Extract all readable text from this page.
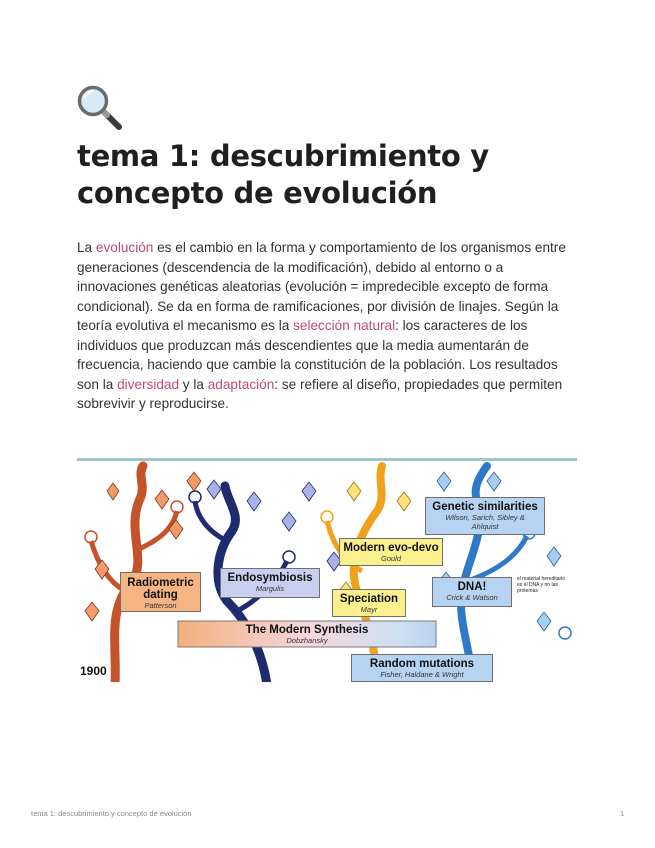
tema 1: descubrimiento y concepto de evolución

La evolución es el cambio en la forma y comportamiento de los organismos entre generaciones (descendencia de la modificación), debido al entorno o a innovaciones genéticas aleatorias (evolución = impredecible excepto de forma condicional). Se da en forma de ramificaciones, por división de linajes. Según la teoría evolutiva el mecanismo es la selección natural: los caracteres de los individuos que produzcan más descendientes que la media aumentarán de frecuencia, haciendo que cambie la constitución de la población. Los resultados son la diversidad y la adaptación: se refiere al diseño, propiedades que permiten sobrevivir y reproducirse.

Radiometric dating
Patterson
Endosymbiosis
Margulis
The Modern Synthesis
Dobzhansky
Modern evo-devo
Gould
Speciation
Mayr
Genetic similarities
Wilson, Sarich, Sibley & Ahlquist
DNA!
Crick & Watson
el material hereditario es el DNA y no las proteínas
Random mutations
Fisher, Haldane & Wright
1900
tema 1: descubrimiento y concepto de evolución	1
